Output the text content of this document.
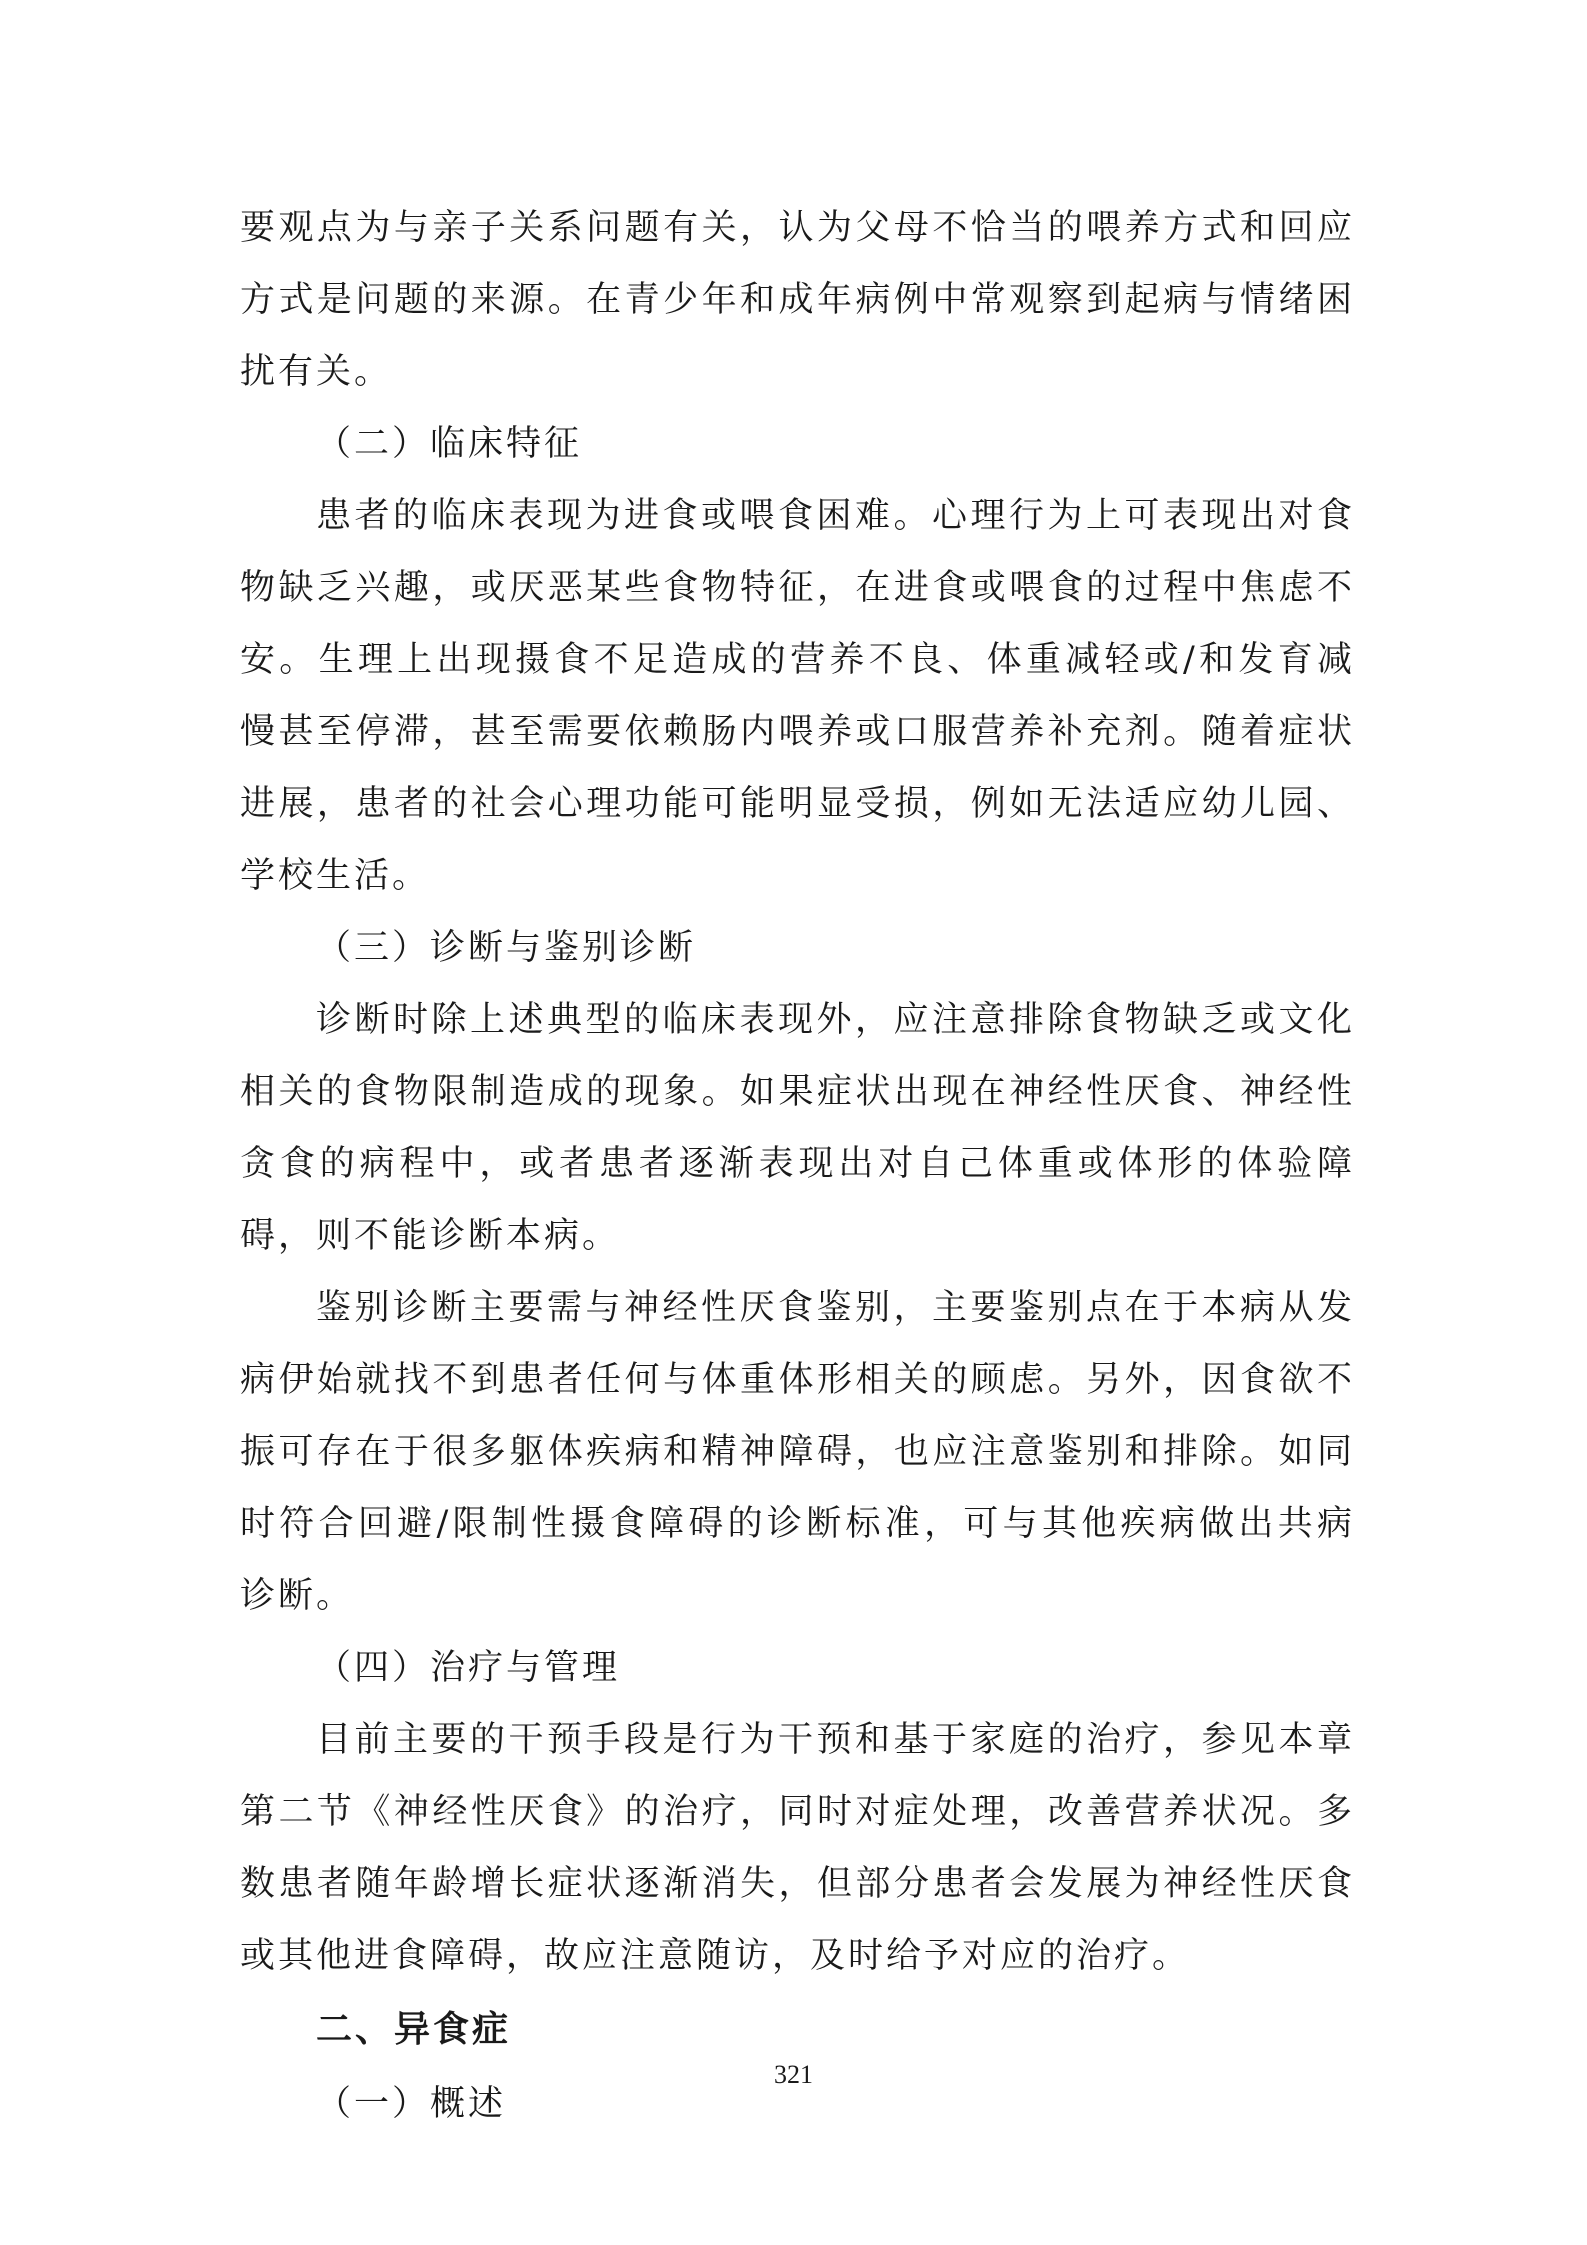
要观点为与亲子关系问题有关，认为父母不恰当的喂养方式和回应方式是问题的来源。在青少年和成年病例中常观察到起病与情绪困扰有关。

（二）临床特征

患者的临床表现为进食或喂食困难。心理行为上可表现出对食物缺乏兴趣，或厌恶某些食物特征，在进食或喂食的过程中焦虑不安。生理上出现摄食不足造成的营养不良、体重减轻或/和发育减慢甚至停滞，甚至需要依赖肠内喂养或口服营养补充剂。随着症状进展，患者的社会心理功能可能明显受损，例如无法适应幼儿园、学校生活。

（三）诊断与鉴别诊断

诊断时除上述典型的临床表现外，应注意排除食物缺乏或文化相关的食物限制造成的现象。如果症状出现在神经性厌食、神经性贪食的病程中，或者患者逐渐表现出对自己体重或体形的体验障碍，则不能诊断本病。

鉴别诊断主要需与神经性厌食鉴别，主要鉴别点在于本病从发病伊始就找不到患者任何与体重体形相关的顾虑。另外，因食欲不振可存在于很多躯体疾病和精神障碍，也应注意鉴别和排除。如同时符合回避/限制性摄食障碍的诊断标准，可与其他疾病做出共病诊断。

（四）治疗与管理

目前主要的干预手段是行为干预和基于家庭的治疗，参见本章第二节《神经性厌食》的治疗，同时对症处理，改善营养状况。多数患者随年龄增长症状逐渐消失，但部分患者会发展为神经性厌食或其他进食障碍，故应注意随访，及时给予对应的治疗。

二、异食症

（一）概述

321
